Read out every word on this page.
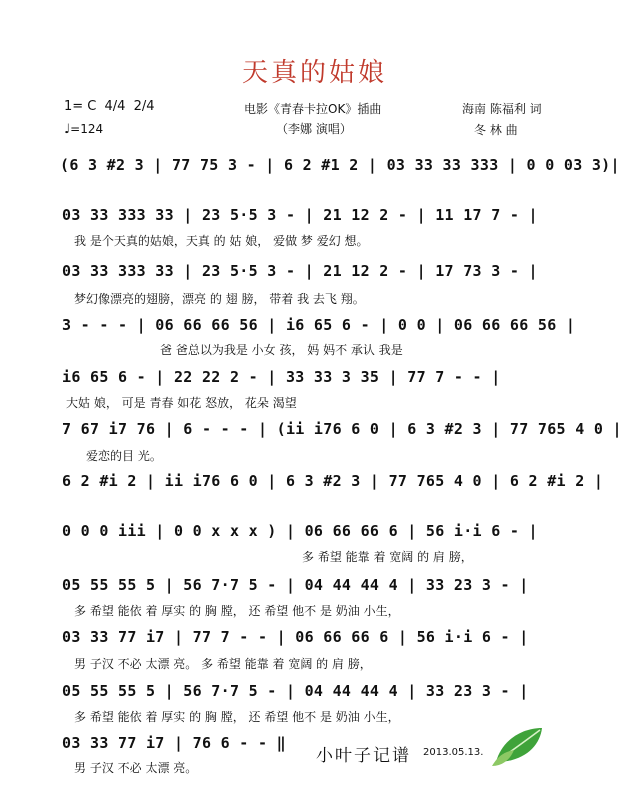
天真的姑娘
1= C 4/4 2/4
♩=124
电影《青春卡拉OK》插曲
（李娜 演唱）
海南 陈福利 词
冬 林 曲
(6 3 #2 3 | 77 75 3 - | 6 2 #1 2 | 03 33 33 333 | 0 0 03 3)|
03 33 333 33 | 23 5·5 3 - | 21 12 2 - | 11 17 7 - |
我 是个天真的姑娘，天真 的 姑 娘， 爱做 梦 爱幻 想。
03 33 333 33 | 23 5·5 3 - | 21 12 2 - | 17 73 3 - |
梦幻像漂亮的翅膀，漂亮 的 翅 膀， 带着 我 去飞 翔。
3 - - - | 06 66 66 56 | i6 65 6 - | 0 0 | 06 66 66 56 |
爸 爸总以为我是 小女 孩， 妈 妈不 承认 我是
i6 65 6 - | 22 22 2 - | 33 33 3 35 | 77 7 - - |
大姑 娘， 可是 青春 如花 怒放， 花朵 渴望
7 67 i7 76 | 6 - - - | (ii i76 6 0 | 6 3 #2 3 | 77 765 4 0 |
爱恋的目 光。
6 2 #i 2 | ii i76 6 0 | 6 3 #2 3 | 77 765 4 0 | 6 2 #i 2 |
0 0 0 iii | 0 0 x x x ) | 06 66 66 6 | 56 i·i 6 - |
多 希望 能靠 着 宽阔 的 肩 膀，
05 55 55 5 | 56 7·7 5 - | 04 44 44 4 | 33 23 3 - |
多 希望 能依 着 厚实 的 胸 膛， 还 希望 他不 是 奶油 小生，
03 33 77 i7 | 77 7 - - | 06 66 66 6 | 56 i·i 6 - |
男 子汉 不必 太漂 亮。 多 希望 能靠 着 宽阔 的 肩 膀，
05 55 55 5 | 56 7·7 5 - | 04 44 44 4 | 33 23 3 - |
多 希望 能依 着 厚实 的 胸 膛， 还 希望 他不 是 奶油 小生，
03 33 77 i7 | 76 6 - - ‖
男 子汉 不必 太漂 亮。
小叶子记谱 2013.05.13.
